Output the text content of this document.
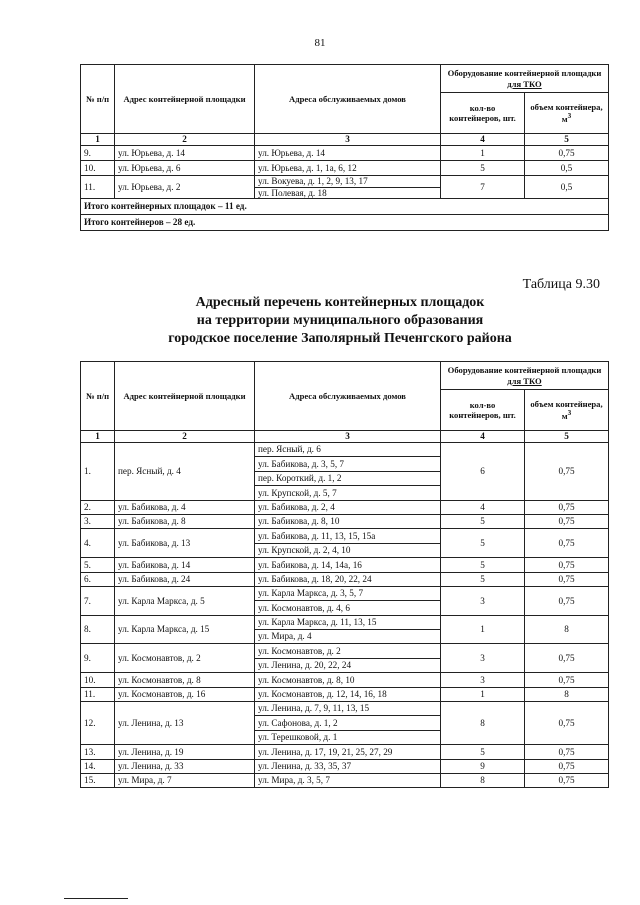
81
№ п/п	Адрес контейнерной площадки	Адреса обслуживаемых домов	Оборудование контейнерной площадки
для ТКО	
			кол-во контейнеров, шт.	объем контейнера, $м^3$
1	2	3	4	5
9.	ул. Юрьева, д. 14	ул. Юрьева, д. 14	1	0,75
10.	ул. Юрьева, д. 6	ул. Юрьева, д. 1, 1а, 6, 12	5	0,5
11.	ул. Юрьева, д. 2	ул. Вокуева, д. 1, 2, 9, 13, 17	7	0,5
		ул. Полевая, д. 18		
Итого контейнерных площадок – 11 ед.				
Итого контейнеров – 28 ед.				
Таблица 9.30
Адресный перечень контейнерных площадок
на территории муниципального образования
городское поселение Заполярный Печенгского района
№ п/п	Адрес контейнерной площадки	Адреса обслуживаемых домов	Оборудование контейнерной площадки
для ТКО	
			кол-во контейнеров, шт.	объем контейнера, $м^3$
1	2	3	4	5
1.	пер. Ясный, д. 4	пер. Ясный, д. 6	6	0,75
		ул. Бабикова, д. 3, 5, 7		
		пер. Короткий, д. 1, 2		
		ул. Крупской, д. 5, 7		
2.	ул. Бабикова, д. 4	ул. Бабикова, д. 2, 4	4	0,75
3.	ул. Бабикова, д. 8	ул. Бабикова, д. 8, 10	5	0,75
4.	ул. Бабикова, д. 13	ул. Бабикова, д. 11, 13, 15, 15а	5	0,75
		ул. Крупской, д. 2, 4, 10		
5.	ул. Бабикова, д. 14	ул. Бабикова, д. 14, 14а, 16	5	0,75
6.	ул. Бабикова, д. 24	ул. Бабикова, д. 18, 20, 22, 24	5	0,75
7.	ул. Карла Маркса, д. 5	ул. Карла Маркса, д. 3, 5, 7	3	0,75
		ул. Космонавтов, д. 4, 6		
8.	ул. Карла Маркса, д. 15	ул. Карла Маркса, д. 11, 13, 15	1	8
		ул. Мира, д. 4		
9.	ул. Космонавтов, д. 2	ул. Космонавтов, д. 2	3	0,75
		ул. Ленина, д. 20, 22, 24		
10.	ул. Космонавтов, д. 8	ул. Космонавтов, д. 8, 10	3	0,75
11.	ул. Космонавтов, д. 16	ул. Космонавтов, д. 12, 14, 16, 18	1	8
12.	ул. Ленина, д. 13	ул. Ленина, д. 7, 9, 11, 13, 15	8	0,75
		ул. Сафонова, д. 1, 2		
		ул. Терешковой, д. 1		
13.	ул. Ленина, д. 19	ул. Ленина, д. 17, 19, 21, 25, 27, 29	5	0,75
14.	ул. Ленина, д. 33	ул. Ленина, д. 33, 35, 37	9	0,75
15.	ул. Мира, д. 7	ул. Мира, д. 3, 5, 7	8	0,75
